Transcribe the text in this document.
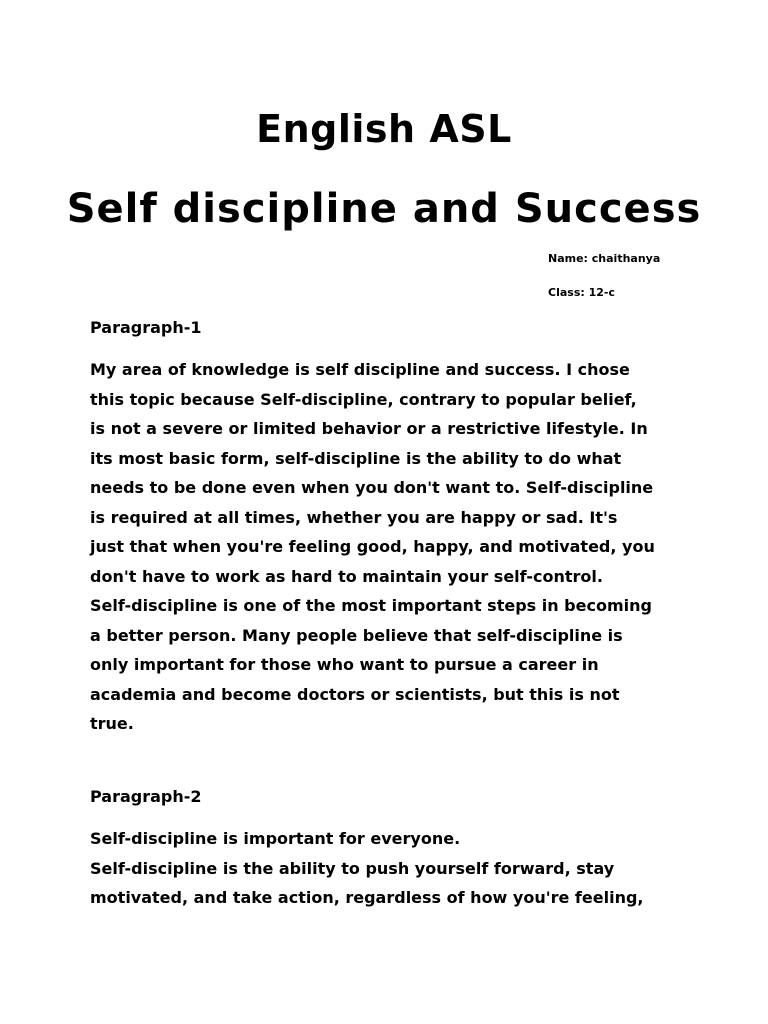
English ASL
Self discipline and Success
Name: chaithanya
Class: 12-c
Paragraph-1
My area of knowledge is self discipline and success. I chose
this topic because Self-discipline, contrary to popular belief,
is not a severe or limited behavior or a restrictive lifestyle. In
its most basic form, self-discipline is the ability to do what
needs to be done even when you don't want to. Self-discipline
is required at all times, whether you are happy or sad. It's
just that when you're feeling good, happy, and motivated, you
don't have to work as hard to maintain your self-control.
Self-discipline is one of the most important steps in becoming
a better person. Many people believe that self-discipline is
only important for those who want to pursue a career in
academia and become doctors or scientists, but this is not
true.
Paragraph-2
Self-discipline is important for everyone.
Self-discipline is the ability to push yourself forward, stay
motivated, and take action, regardless of how you're feeling,
